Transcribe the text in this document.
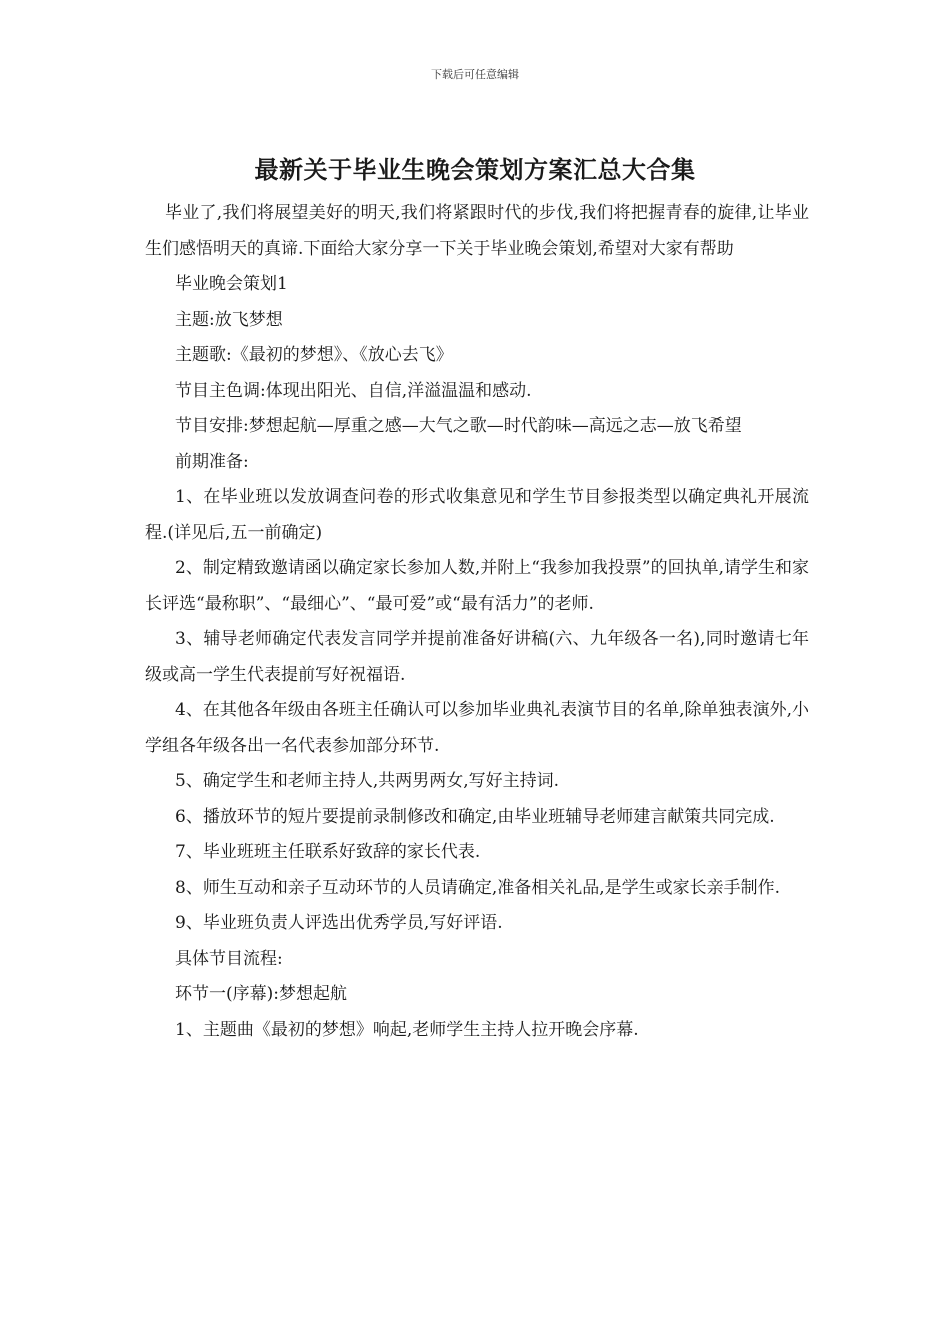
下载后可任意编辑
最新关于毕业生晚会策划方案汇总大合集

毕业了,我们将展望美好的明天,我们将紧跟时代的步伐,我们将把握青春的旋律,让毕业生们感悟明天的真谛.下面给大家分享一下关于毕业晚会策划,希望对大家有帮助

毕业晚会策划1

主题:放飞梦想

主题歌:《最初的梦想》、《放心去飞》

节目主色调:体现出阳光、自信,洋溢温温和感动.

节目安排:梦想起航—厚重之感—大气之歌—时代韵味—高远之志—放飞希望

前期准备:

1、在毕业班以发放调查问卷的形式收集意见和学生节目参报类型以确定典礼开展流程.(详见后,五一前确定)

2、制定精致邀请函以确定家长参加人数,并附上“我参加我投票”的回执单,请学生和家长评选“最称职”、“最细心”、“最可爱”或“最有活力”的老师.

3、辅导老师确定代表发言同学并提前准备好讲稿(六、九年级各一名),同时邀请七年级或高一学生代表提前写好祝福语.

4、在其他各年级由各班主任确认可以参加毕业典礼表演节目的名单,除单独表演外,小学组各年级各出一名代表参加部分环节.

5、确定学生和老师主持人,共两男两女,写好主持词.

6、播放环节的短片要提前录制修改和确定,由毕业班辅导老师建言献策共同完成.

7、毕业班班主任联系好致辞的家长代表.

8、师生互动和亲子互动环节的人员请确定,准备相关礼品,是学生或家长亲手制作.

9、毕业班负责人评选出优秀学员,写好评语.

具体节目流程:

环节一(序幕):梦想起航

1、主题曲《最初的梦想》响起,老师学生主持人拉开晚会序幕.
